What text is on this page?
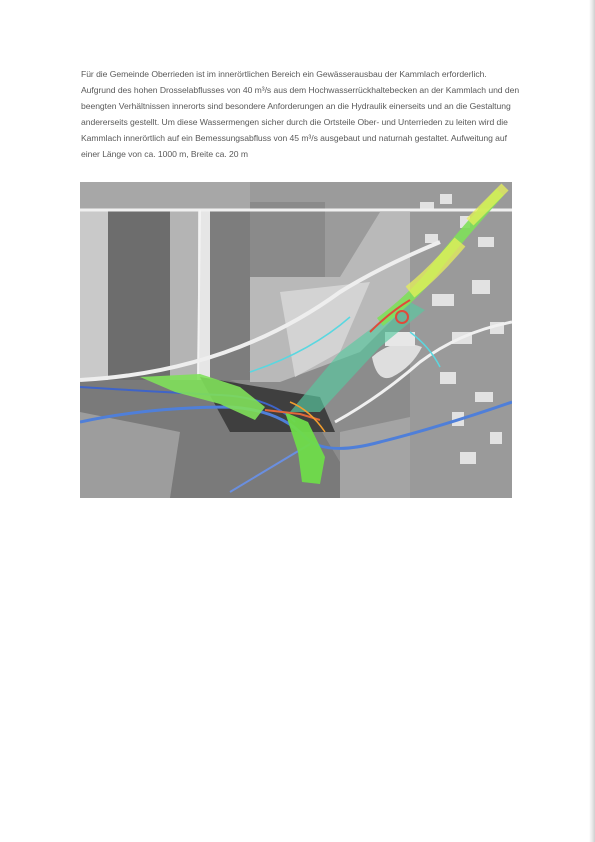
Für die Gemeinde Oberrieden ist im innerörtlichen Bereich ein Gewässerausbau der Kammlach erforderlich.
Aufgrund des hohen Drosselabflusses von 40 m³/s aus dem Hochwasserrückhaltebecken an der Kammlach und den
beengten Verhältnissen innerorts sind besondere Anforderungen an die Hydraulik einerseits und an die Gestaltung
andererseits gestellt. Um diese Wassermengen sicher durch die Ortsteile Ober- und Unterrieden zu leiten wird die
Kammlach innerörtlich auf ein Bemessungsabfluss von 45 m³/s ausgebaut und naturnah gestaltet. Aufweitung auf
einer Länge von ca. 1000 m, Breite ca. 20 m
